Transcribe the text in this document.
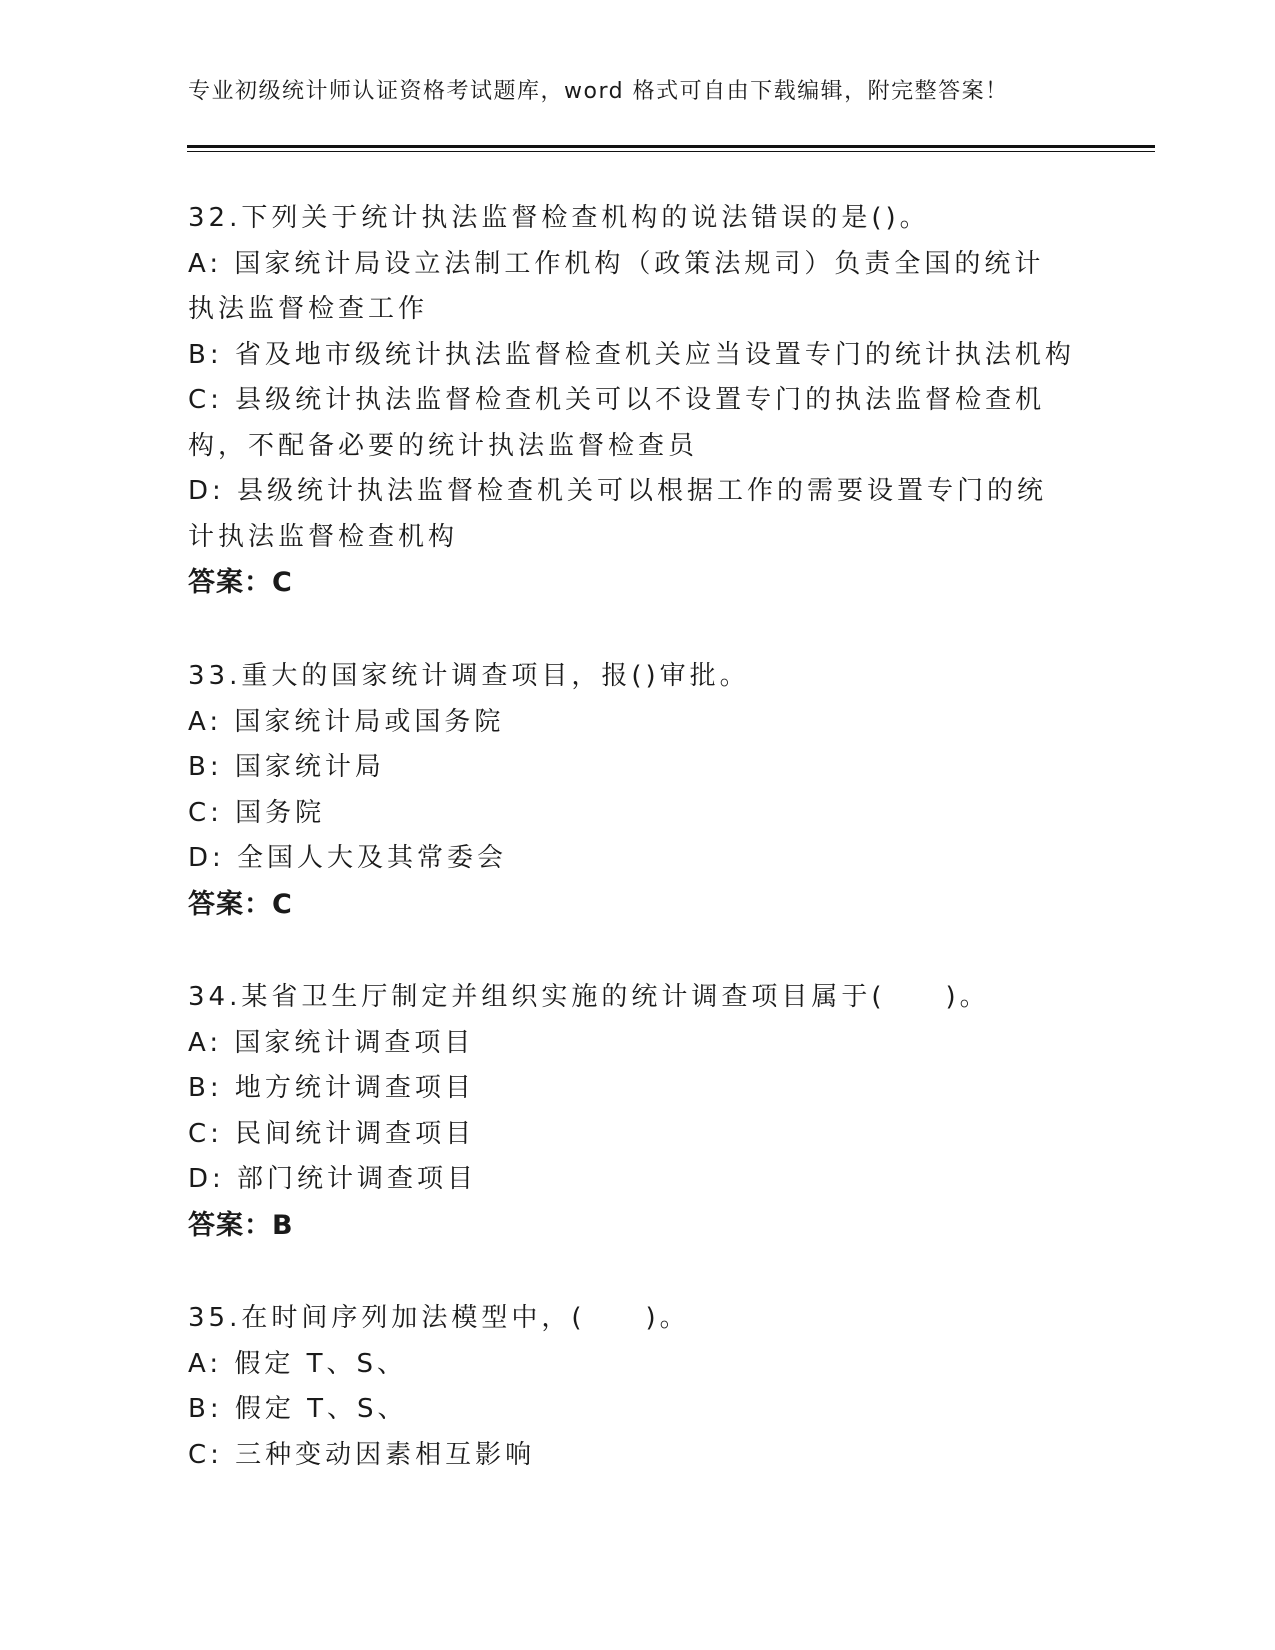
专业初级统计师认证资格考试题库，word 格式可自由下载编辑，附完整答案！
32.下列关于统计执法监督检查机构的说法错误的是()。
A: 国家统计局设立法制工作机构（政策法规司）负责全国的统计执法监督检查工作
B: 省及地市级统计执法监督检查机关应当设置专门的统计执法机构
C: 县级统计执法监督检查机关可以不设置专门的执法监督检查机构，不配备必要的统计执法监督检查员
D: 县级统计执法监督检查机关可以根据工作的需要设置专门的统计执法监督检查机构
答案：C
33.重大的国家统计调查项目，报()审批。
A: 国家统计局或国务院
B: 国家统计局
C: 国务院
D: 全国人大及其常委会
答案：C
34.某省卫生厅制定并组织实施的统计调查项目属于(　　)。
A: 国家统计调查项目
B: 地方统计调查项目
C: 民间统计调查项目
D: 部门统计调查项目
答案：B
35.在时间序列加法模型中，(　　)。
A: 假定 T、S、
B: 假定 T、S、
C: 三种变动因素相互影响
